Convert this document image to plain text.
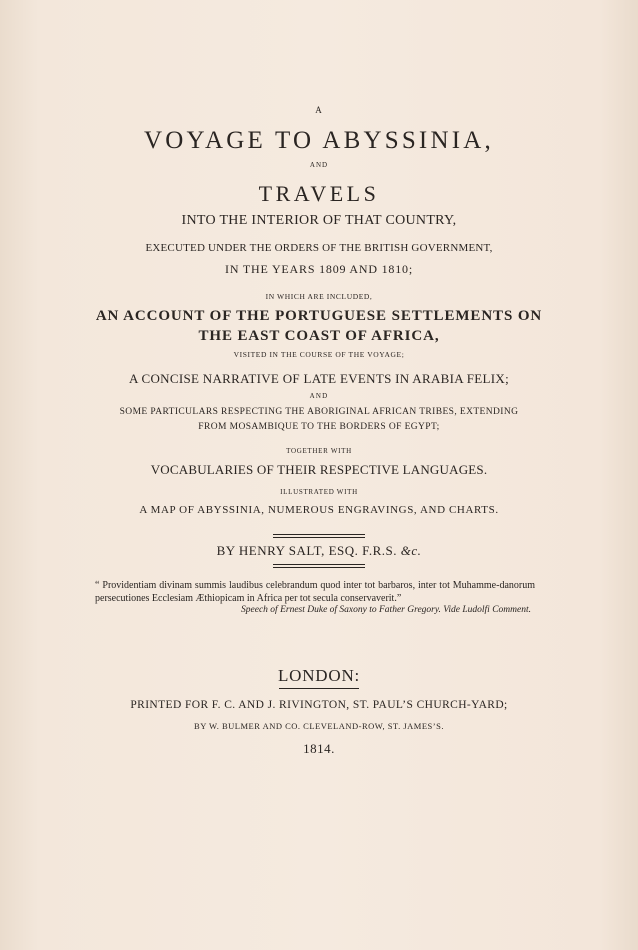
A
VOYAGE TO ABYSSINIA,
AND
TRAVELS
INTO THE INTERIOR OF THAT COUNTRY,
EXECUTED UNDER THE ORDERS OF THE BRITISH GOVERNMENT,
IN THE YEARS 1809 AND 1810;
IN WHICH ARE INCLUDED,
AN ACCOUNT OF THE PORTUGUESE SETTLEMENTS ON
THE EAST COAST OF AFRICA,
VISITED IN THE COURSE OF THE VOYAGE;
A CONCISE NARRATIVE OF LATE EVENTS IN ARABIA FELIX;
AND
SOME PARTICULARS RESPECTING THE ABORIGINAL AFRICAN TRIBES, EXTENDING
FROM MOSAMBIQUE TO THE BORDERS OF EGYPT;
TOGETHER WITH
VOCABULARIES OF THEIR RESPECTIVE LANGUAGES.
ILLUSTRATED WITH
A MAP OF ABYSSINIA, NUMEROUS ENGRAVINGS, AND CHARTS.
BY HENRY SALT, ESQ. F.R.S. &c.
“ Providentiam divinam summis laudibus celebrandum quod inter tot barbaros, inter tot Muhamme-danorum persecutiones Ecclesiam Æthiopicam in Africa per tot secula conservaverit.”
Speech of Ernest Duke of Saxony to Father Gregory. Vide Ludolfi Comment.
LONDON:
PRINTED FOR F. C. AND J. RIVINGTON, ST. PAUL’S CHURCH-YARD;
BY W. BULMER AND CO. CLEVELAND-ROW, ST. JAMES’S.
1814.
